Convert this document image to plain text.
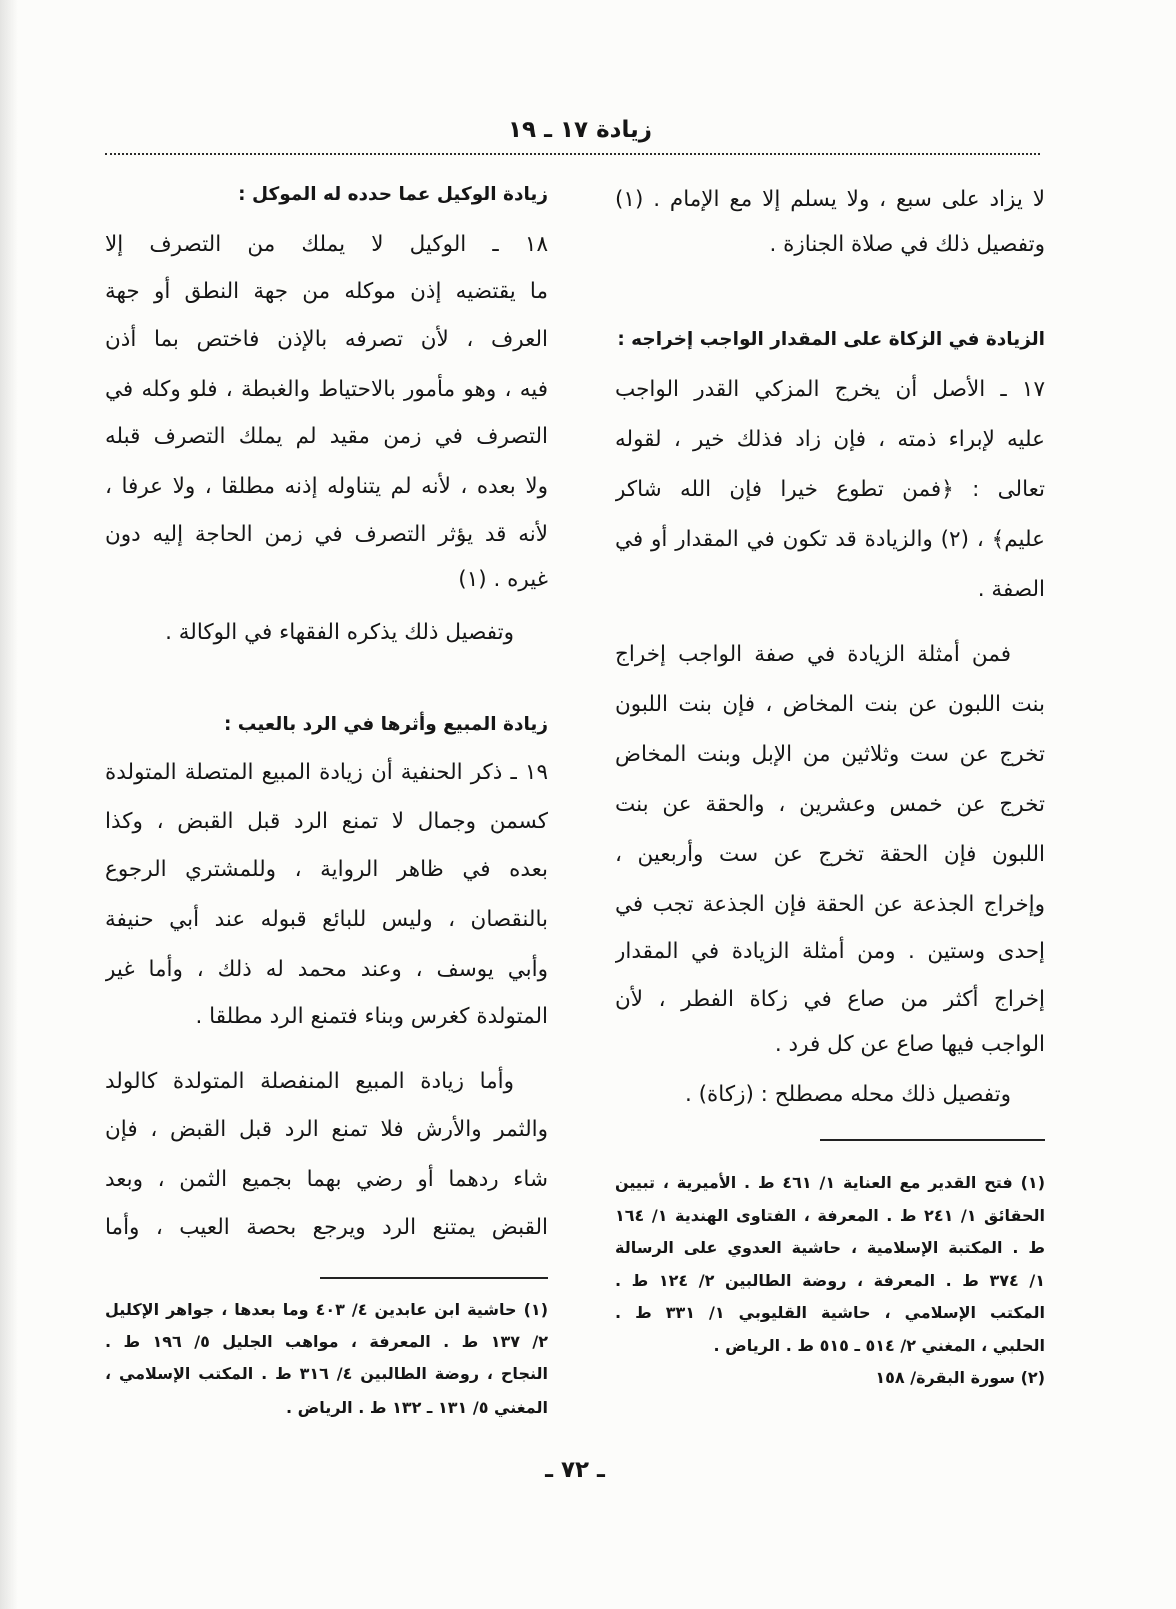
زيادة ١٧ ـ ١٩
لا يزاد على سبع ، ولا يسلم إلا مع الإمام . (١)
وتفصيل ذلك في صلاة الجنازة .
الزيادة في الزكاة على المقدار الواجب إخراجه :
١٧ ـ الأصل أن يخرج المزكي القدر الواجب
عليه لإبراء ذمته ، فإن زاد فذلك خير ، لقوله
تعالى : ﴿فمن تطوع خيرا فإن الله شاكر
عليم﴾ ، (٢) والزيادة قد تكون في المقدار أو في
الصفة .
فمن أمثلة الزيادة في صفة الواجب إخراج
بنت اللبون عن بنت المخاض ، فإن بنت اللبون
تخرج عن ست وثلاثين من الإبل وبنت المخاض
تخرج عن خمس وعشرين ، والحقة عن بنت
اللبون فإن الحقة تخرج عن ست وأربعين ،
وإخراج الجذعة عن الحقة فإن الجذعة تجب في
إحدى وستين . ومن أمثلة الزيادة في المقدار
إخراج أكثر من صاع في زكاة الفطر ، لأن
الواجب فيها صاع عن كل فرد .
وتفصيل ذلك محله مصطلح : (زكاة) .
(١) فتح القدير مع العناية ١/ ٤٦١ ط . الأميرية ، تبيين
الحقائق ١/ ٢٤١ ط . المعرفة ، الفتاوى الهندية ١/ ١٦٤
ط . المكتبة الإسلامية ، حاشية العدوي على الرسالة
١/ ٣٧٤ ط . المعرفة ، روضة الطالبين ٢/ ١٢٤ ط .
المكتب الإسلامي ، حاشية القليوبي ١/ ٣٣١ ط .
الحلبي ، المغني ٢/ ٥١٤ ـ ٥١٥ ط . الرياض .
(٢) سورة البقرة/ ١٥٨
زيادة الوكيل عما حدده له الموكل :
١٨ ـ الوكيل لا يملك من التصرف إلا
ما يقتضيه إذن موكله من جهة النطق أو جهة
العرف ، لأن تصرفه بالإذن فاختص بما أذن
فيه ، وهو مأمور بالاحتياط والغبطة ، فلو وكله في
التصرف في زمن مقيد لم يملك التصرف قبله
ولا بعده ، لأنه لم يتناوله إذنه مطلقا ، ولا عرفا ،
لأنه قد يؤثر التصرف في زمن الحاجة إليه دون
غيره . (١)
وتفصيل ذلك يذكره الفقهاء في الوكالة .
زيادة المبيع وأثرها في الرد بالعيب :
١٩ ـ ذكر الحنفية أن زيادة المبيع المتصلة المتولدة
كسمن وجمال لا تمنع الرد قبل القبض ، وكذا
بعده في ظاهر الرواية ، وللمشتري الرجوع
بالنقصان ، وليس للبائع قبوله عند أبي حنيفة
وأبي يوسف ، وعند محمد له ذلك ، وأما غير
المتولدة كغرس وبناء فتمنع الرد مطلقا .
وأما زيادة المبيع المنفصلة المتولدة كالولد
والثمر والأرش فلا تمنع الرد قبل القبض ، فإن
شاء ردهما أو رضي بهما بجميع الثمن ، وبعد
القبض يمتنع الرد ويرجع بحصة العيب ، وأما
(١) حاشية ابن عابدين ٤/ ٤٠٣ وما بعدها ، جواهر الإكليل
٢/ ١٣٧ ط . المعرفة ، مواهب الجليل ٥/ ١٩٦ ط .
النجاح ، روضة الطالبين ٤/ ٣١٦ ط . المكتب الإسلامي ،
المغني ٥/ ١٣١ ـ ١٣٢ ط . الرياض .
ـ ٧٢ ـ
